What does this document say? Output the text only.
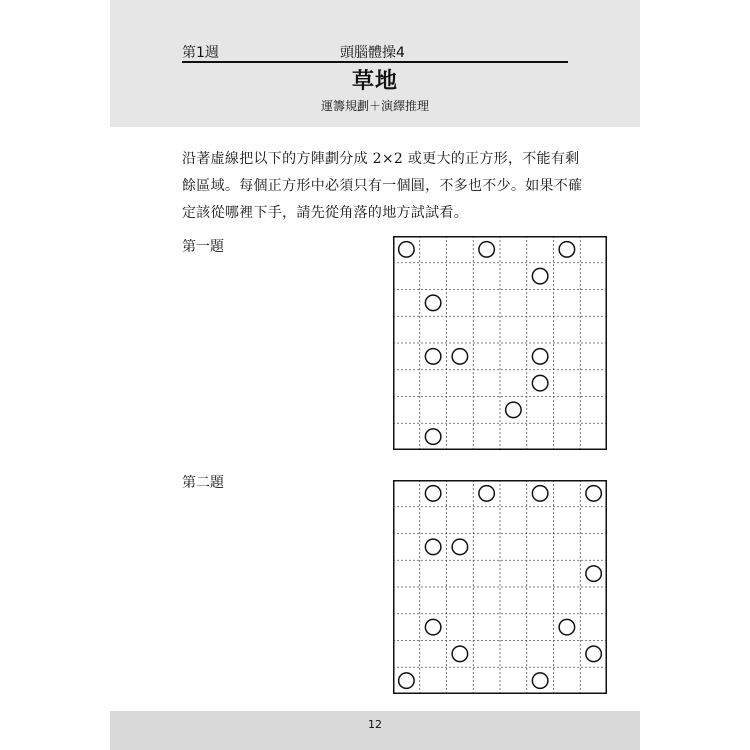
第1週	頭腦體操4
草地
運籌規劃＋演繹推理
沿著虛線把以下的方陣劃分成 2×2 或更大的正方形，不能有剩餘區域。每個正方形中必須只有一個圓，不多也不少。如果不確定該從哪裡下手，請先從角落的地方試試看。
第一題
第二題
12
